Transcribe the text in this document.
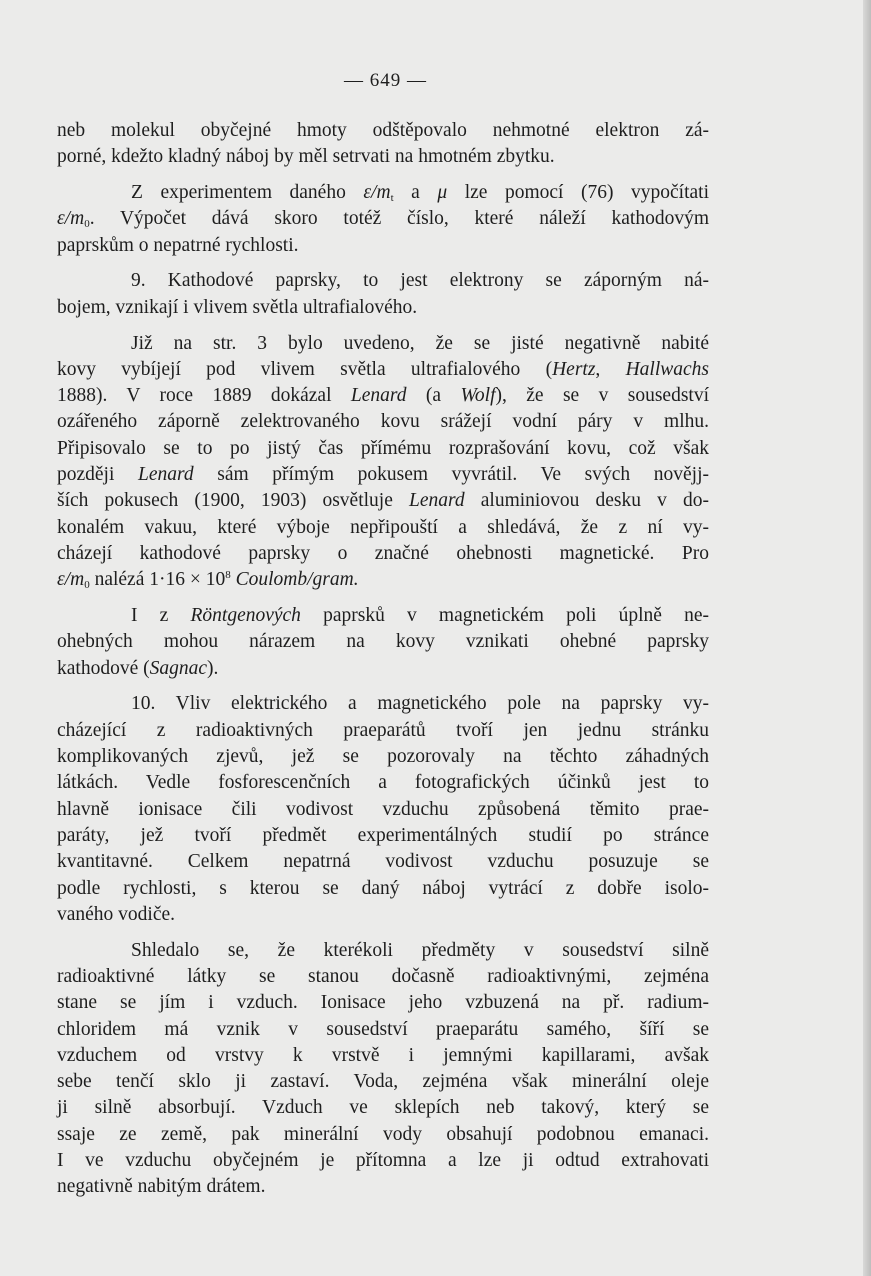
— 649 —
neb molekul obyčejné hmoty odštěpovalo nehmotné elektron zá-
porné, kdežto kladný náboj by měl setrvati na hmotném zbytku.
Z experimentem daného $\varepsilon/m_t$ a μ lze pomocí (76) vypočítati
$\varepsilon/m_0$. Výpočet dává skoro totéž číslo, které náleží kathodovým
paprskům o nepatrné rychlosti.
9. Kathodové paprsky, to jest elektrony se záporným ná-
bojem, vznikají i vlivem světla ultrafialového.
Již na str. 3 bylo uvedeno, že se jisté negativně nabité
kovy vybíjejí pod vlivem světla ultrafialového (Hertz, Hallwachs
1888). V roce 1889 dokázal Lenard (a Wolf), že se v sousedství
ozářeného záporně zelektrovaného kovu srážejí vodní páry v mlhu.
Připisovalo se to po jistý čas přímému rozprašování kovu, což však
později Lenard sám přímým pokusem vyvrátil. Ve svých novějj-
ších pokusech (1900, 1903) osvětluje Lenard aluminiovou desku v do-
konalém vakuu, které výboje nepřipouští a shledává, že z ní vy-
cházejí kathodové paprsky o značné ohebnosti magnetické. Pro
$\varepsilon/m_0$ nalézá $1\cdot 16 \times 10^8$ Coulomb/gram.
I z Röntgenových paprsků v magnetickém poli úplně ne-
ohebných mohou nárazem na kovy vznikati ohebné paprsky
kathodové (Sagnac).
10. Vliv elektrického a magnetického pole na paprsky vy-
cházející z radioaktivných praeparátů tvoří jen jednu stránku
komplikovaných zjevů, jež se pozorovaly na těchto záhadných
látkách. Vedle fosforescenčních a fotografických účinků jest to
hlavně ionisace čili vodivost vzduchu způsobená těmito prae-
paráty, jež tvoří předmět experimentálných studií po stránce
kvantitavné. Celkem nepatrná vodivost vzduchu posuzuje se
podle rychlosti, s kterou se daný náboj vytrácí z dobře isolo-
vaného vodiče.
Shledalo se, že kterékoli předměty v sousedství silně
radioaktivné látky se stanou dočasně radioaktivnými, zejména
stane se jím i vzduch. Ionisace jeho vzbuzená na př. radium-
chloridem má vznik v sousedství praeparátu samého, šíří se
vzduchem od vrstvy k vrstvě i jemnými kapillarami, avšak
sebe tenčí sklo ji zastaví. Voda, zejména však minerální oleje
ji silně absorbují. Vzduch ve sklepích neb takový, který se
ssaje ze země, pak minerální vody obsahují podobnou emanaci.
I ve vzduchu obyčejném je přítomna a lze ji odtud extrahovati
negativně nabitým drátem.
